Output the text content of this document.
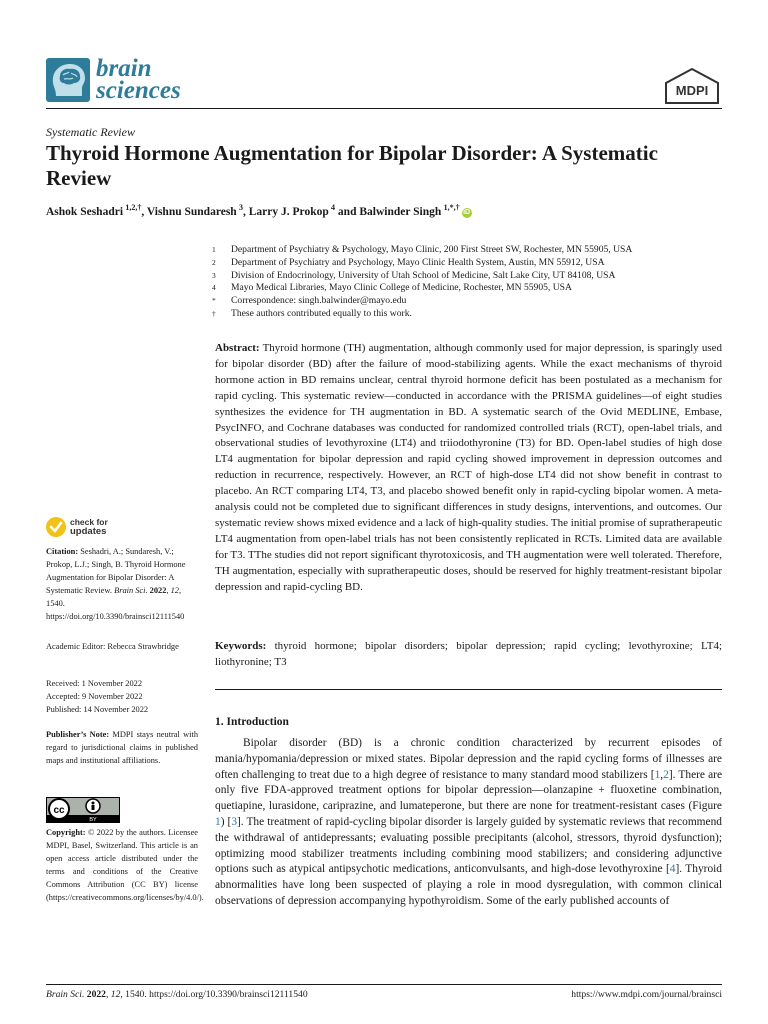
brain
sciences	MDPI
Systematic Review
Thyroid Hormone Augmentation for Bipolar Disorder: A Systematic Review
Ashok Seshadri  $^{1,2,\dagger}$, Vishnu Sundaresh  $^3$, Larry J. Prokop  $^4$ and Balwinder Singh  $^{1,*,\dagger}$iD
1	Department of Psychiatry & Psychology, Mayo Clinic, 200 First Street SW, Rochester, MN 55905, USA
2	Department of Psychiatry and Psychology, Mayo Clinic Health System, Austin, MN 55912, USA
3	Division of Endocrinology, University of Utah School of Medicine, Salt Lake City, UT 84108, USA
4	Mayo Medical Libraries, Mayo Clinic College of Medicine, Rochester, MN 55905, USA
*	Correspondence: singh.balwinder@mayo.edu
†	These authors contributed equally to this work.
Abstract: Thyroid hormone (TH) augmentation, although commonly used for major depression, is sparingly used for bipolar disorder (BD) after the failure of mood-stabilizing agents. While the exact mechanisms of thyroid hormone action in BD remains unclear, central thyroid hormone deficit has been postulated as a mechanism for rapid cycling. This systematic review—conducted in accordance with the PRISMA guidelines—of eight studies synthesizes the evidence for TH augmentation in BD. A systematic search of the Ovid MEDLINE, Embase, PsycINFO, and Cochrane databases was conducted for randomized controlled trials (RCT), open-label trials, and observational studies of levothyroxine (LT4) and triiodothyronine (T3) for BD. Open-label studies of high dose LT4 augmentation for bipolar depression and rapid cycling showed improvement in depression outcomes and reduction in recurrence, respectively. However, an RCT of high-dose LT4 did not show benefit in contrast to placebo. An RCT comparing LT4, T3, and placebo showed benefit only in rapid-cycling bipolar women. A meta-analysis could not be completed due to significant differences in study designs, interventions, and outcomes. Our systematic review shows mixed evidence and a lack of high-quality studies. The initial promise of supratherapeutic LT4 augmentation from open-label trials has not been consistently replicated in RCTs. Limited data are available for T3. TThe studies did not report significant thyrotoxicosis, and TH augmentation were well tolerated. Therefore, TH augmentation, especially with supratherapeutic doses, should be reserved for highly treatment-resistant bipolar depression and rapid-cycling BD.
Keywords: thyroid hormone; bipolar disorders; bipolar depression; rapid cycling; levothyroxine; LT4; liothyronine; T3
1. Introduction
Bipolar disorder (BD) is a chronic condition characterized by recurrent episodes of mania/hypomania/depression or mixed states. Bipolar depression and the rapid cycling forms of illnesses are often challenging to treat due to a high degree of resistance to many standard mood stabilizers [1,2]. There are only five FDA-approved treatment options for bipolar depression—olanzapine + fluoxetine combination, quetiapine, lurasidone, cariprazine, and lumateperone, but there are none for treatment-resistant cases (Figure 1) [3]. The treatment of rapid-cycling bipolar disorder is largely guided by systematic reviews that recommend the withdrawal of antidepressants; evaluating possible precipitants (alcohol, stressors, thyroid dysfunction); optimizing mood stabilizer treatments including combining mood stabilizers; and considering adjunctive options such as atypical antipsychotic medications, anticonvulsants, and high-dose levothyroxine [4]. Thyroid abnormalities have long been suspected of playing a role in mood dysregulation, with common clinical observations of depression accompanying hypothyroidism. Some of the early published accounts of
check for
updates
Citation: Seshadri, A.; Sundaresh, V.; Prokop, L.J.; Singh, B. Thyroid Hormone Augmentation for Bipolar Disorder: A Systematic Review. Brain Sci. 2022, 12, 1540. https://doi.org/10.3390/brainsci12111540
Academic Editor: Rebecca Strawbridge
Received: 1 November 2022
Accepted: 9 November 2022
Published: 14 November 2022
Publisher’s Note: MDPI stays neutral with regard to jurisdictional claims in published maps and institutional affiliations.
cc
BY
Copyright: © 2022 by the authors. Licensee MDPI, Basel, Switzerland. This article is an open access article distributed under the terms and conditions of the Creative Commons Attribution (CC BY) license (https://creativecommons.org/licenses/by/4.0/).
Brain Sci. 2022, 12, 1540. https://doi.org/10.3390/brainsci12111540	https://www.mdpi.com/journal/brainsci
